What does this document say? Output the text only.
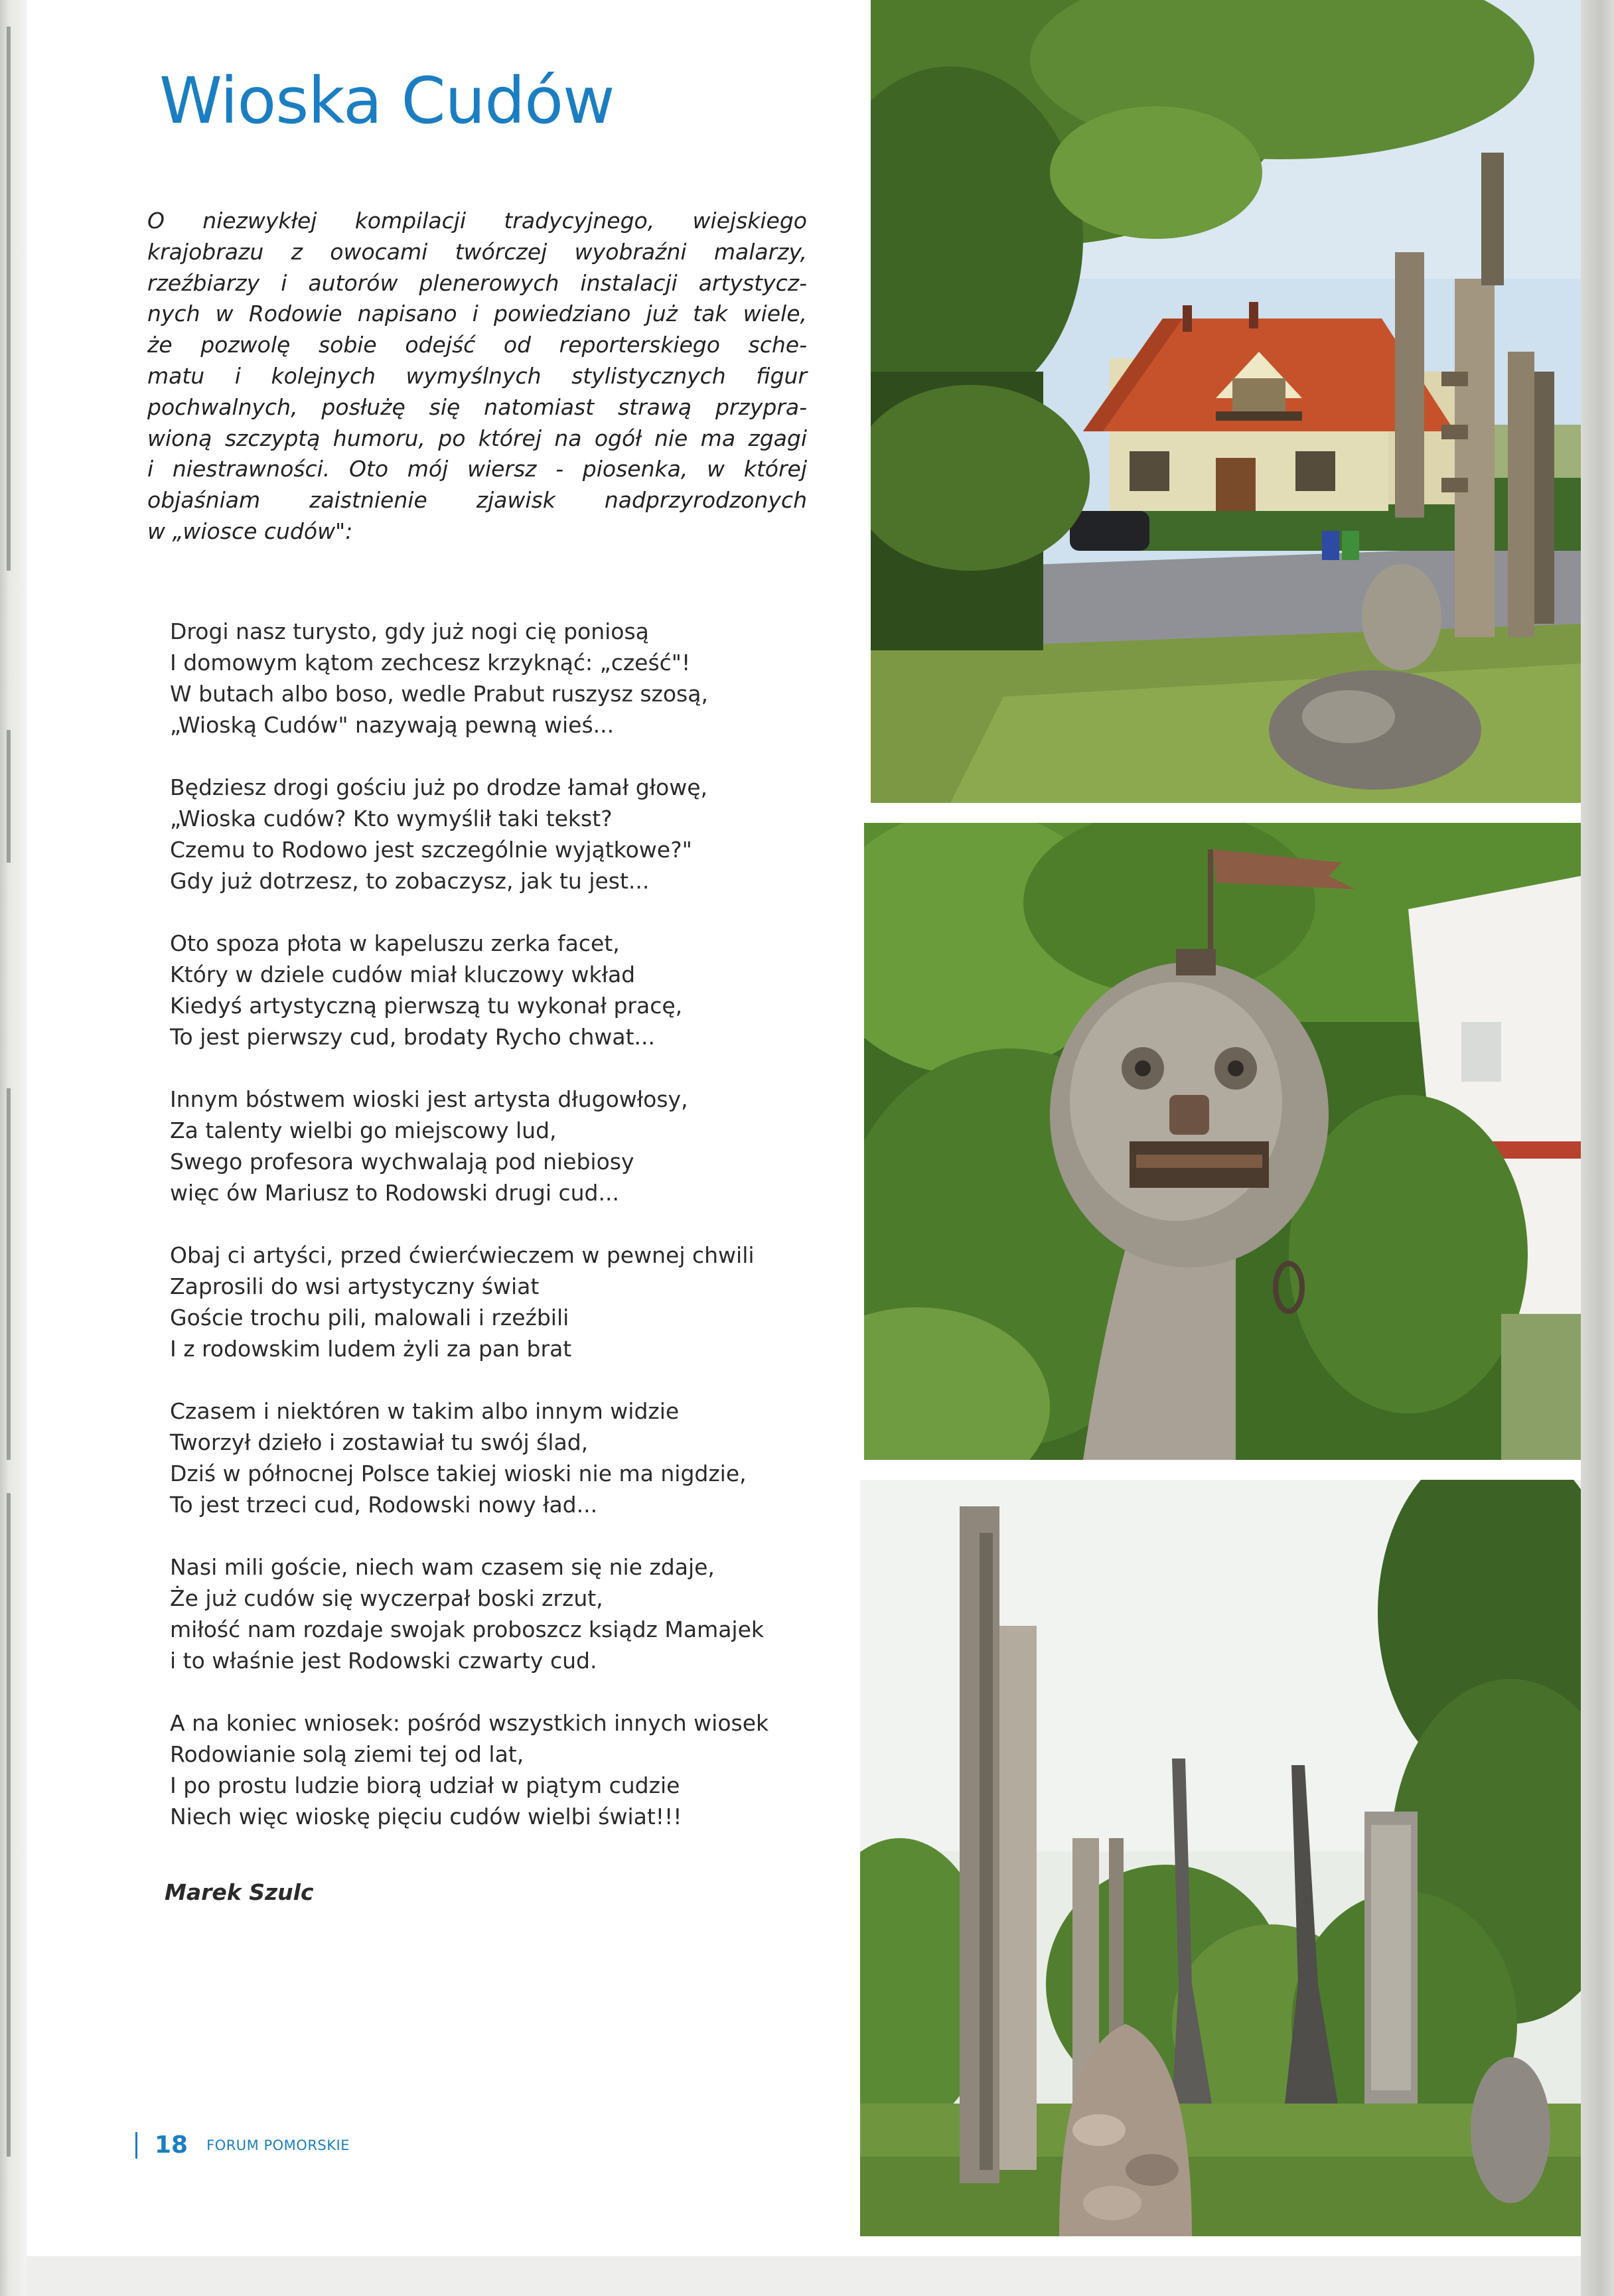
Wioska Cudów

O niezwykłej kompilacji tradycyjnego, wiejskiego
krajobrazu z owocami twórczej wyobraźni malarzy,
rzeźbiarzy i autorów plenerowych instalacji artystycz-
nych w Rodowie napisano i powiedziano już tak wiele,
że pozwolę sobie odejść od reporterskiego sche-
matu i kolejnych wymyślnych stylistycznych figur
pochwalnych, posłużę się natomiast strawą przypra-
wioną szczyptą humoru, po której na ogół nie ma zgagi
i niestrawności. Oto mój wiersz - piosenka, w której
objaśniam zaistnienie zjawisk nadprzyrodzonych
w „wiosce cudów":

Drogi nasz turysto, gdy już nogi cię poniosą
I domowym kątom zechcesz krzyknąć: „cześć"!
W butach albo boso, wedle Prabut ruszysz szosą,
„Wioską Cudów" nazywają pewną wieś...
Będziesz drogi gościu już po drodze łamał głowę,
„Wioska cudów? Kto wymyślił taki tekst?
Czemu to Rodowo jest szczególnie wyjątkowe?"
Gdy już dotrzesz, to zobaczysz, jak tu jest...
Oto spoza płota w kapeluszu zerka facet,
Który w dziele cudów miał kluczowy wkład
Kiedyś artystyczną pierwszą tu wykonał pracę,
To jest pierwszy cud, brodaty Rycho chwat...
Innym bóstwem wioski jest artysta długowłosy,
Za talenty wielbi go miejscowy lud,
Swego profesora wychwalają pod niebiosy
więc ów Mariusz to Rodowski drugi cud...
Obaj ci artyści, przed ćwierćwieczem w pewnej chwili
Zaprosili do wsi artystyczny świat
Goście trochu pili, malowali i rzeźbili
I z rodowskim ludem żyli za pan brat
Czasem i niektóren w takim albo innym widzie
Tworzył dzieło i zostawiał tu swój ślad,
Dziś w północnej Polsce takiej wioski nie ma nigdzie,
To jest trzeci cud, Rodowski nowy ład...
Nasi mili goście, niech wam czasem się nie zdaje,
Że już cudów się wyczerpał boski zrzut,
miłość nam rozdaje swojak proboszcz ksiądz Mamajek
i to właśnie jest Rodowski czwarty cud.
A na koniec wniosek: pośród wszystkich innych wiosek
Rodowianie solą ziemi tej od lat,
I po prostu ludzie biorą udział w piątym cudzie
Niech więc wioskę pięciu cudów wielbi świat!!!

Marek Szulc

18 FORUM POMORSKIE
